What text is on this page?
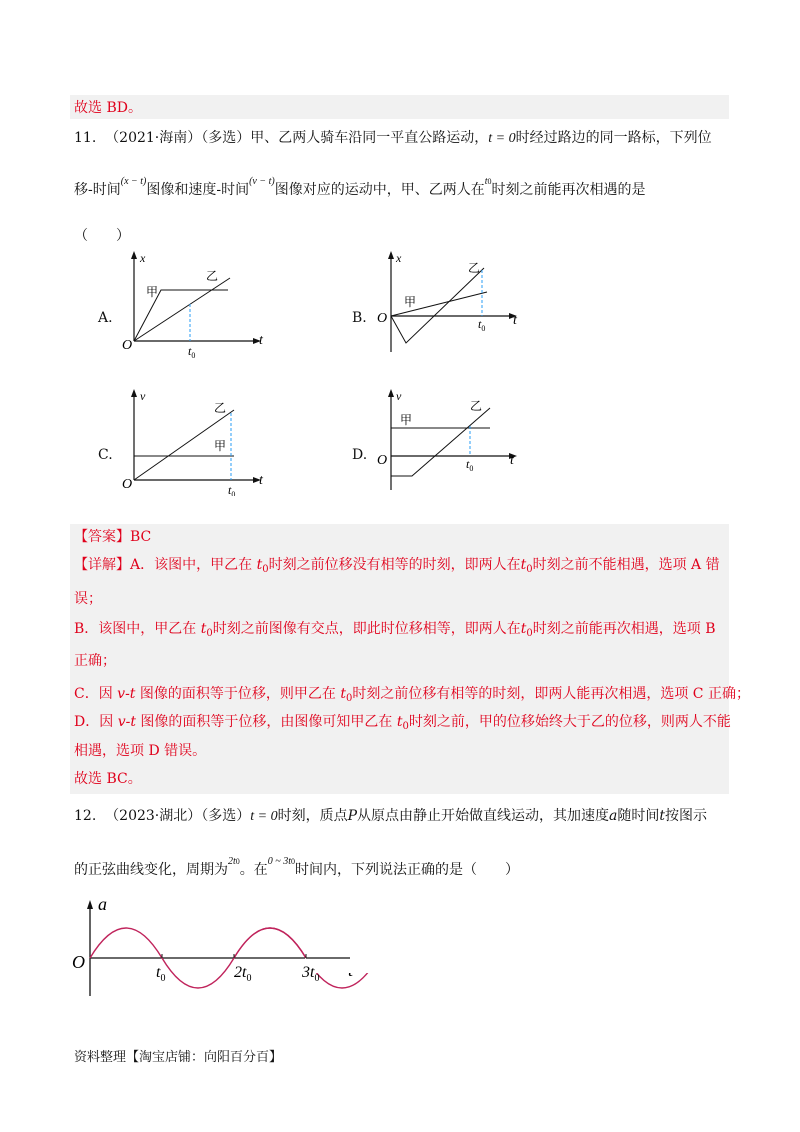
故选 BD。
11. （2021·海南）（多选）甲、乙两人骑车沿同一平直公路运动，t = 0时经过路边的同一路标，下列位
移-时间$^{(x - t)}$图像和速度-时间$^{(v - t)}$图像对应的运动中，甲、乙两人在$^{t0}$时刻之前能再次相遇的是
（　　）
A.
x
O	t
甲
乙
$t_0$
B.
x
O	t
甲
乙
$t_0$
C.
v
O	t
甲
乙
$t_0$
D.
v
O	t
甲
乙
$t_0$
【答案】BC
【详解】A．该图中，甲乙在 $t_0$时刻之前位移没有相等的时刻，即两人在$t_0$时刻之前不能相遇，选项 A 错
误；
B．该图中，甲乙在 $t_0$时刻之前图像有交点，即此时位移相等，即两人在$t_0$时刻之前能再次相遇，选项 B
正确；
C．因 v-t 图像的面积等于位移，则甲乙在 $t_0$时刻之前位移有相等的时刻，即两人能再次相遇，选项 C 正确；
D．因 v-t 图像的面积等于位移，由图像可知甲乙在 $t_0$时刻之前，甲的位移始终大于乙的位移，则两人不能
相遇，选项 D 错误。
故选 BC。
12. （2023·湖北）（多选）t = 0时刻，质点P从原点由静止开始做直线运动，其加速度a随时间t按图示
的正弦曲线变化，周期为$^{2t0}$。在$^{0 \sim 3t0}$时间内，下列说法正确的是（　　）
a
O
$t_0$	$2t_0$	$3t_0$
资料整理【淘宝店铺：向阳百分百】
